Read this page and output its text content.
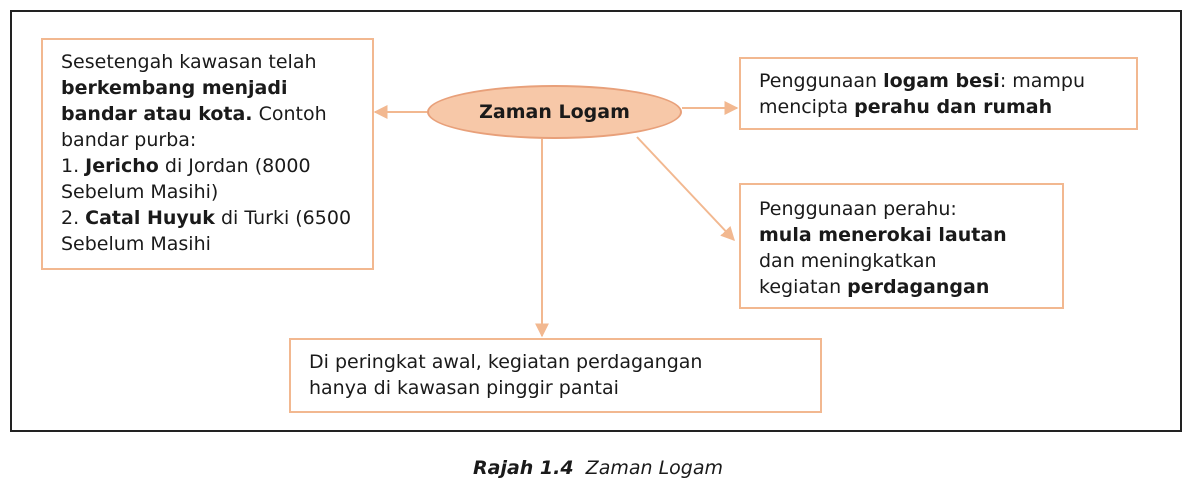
Zaman Logam
Sesetengah kawasan telah
berkembang menjadi
bandar atau kota. Contoh
bandar purba:
1. Jericho di Jordan (8000
Sebelum Masihi)
2. Catal Huyuk di Turki (6500
Sebelum Masihi
Penggunaan logam besi: mampu
mencipta perahu dan rumah
Penggunaan perahu:
mula menerokai lautan
dan meningkatkan
kegiatan perdagangan
Di peringkat awal, kegiatan perdagangan
hanya di kawasan pinggir pantai
Rajah 1.4  Zaman Logam
